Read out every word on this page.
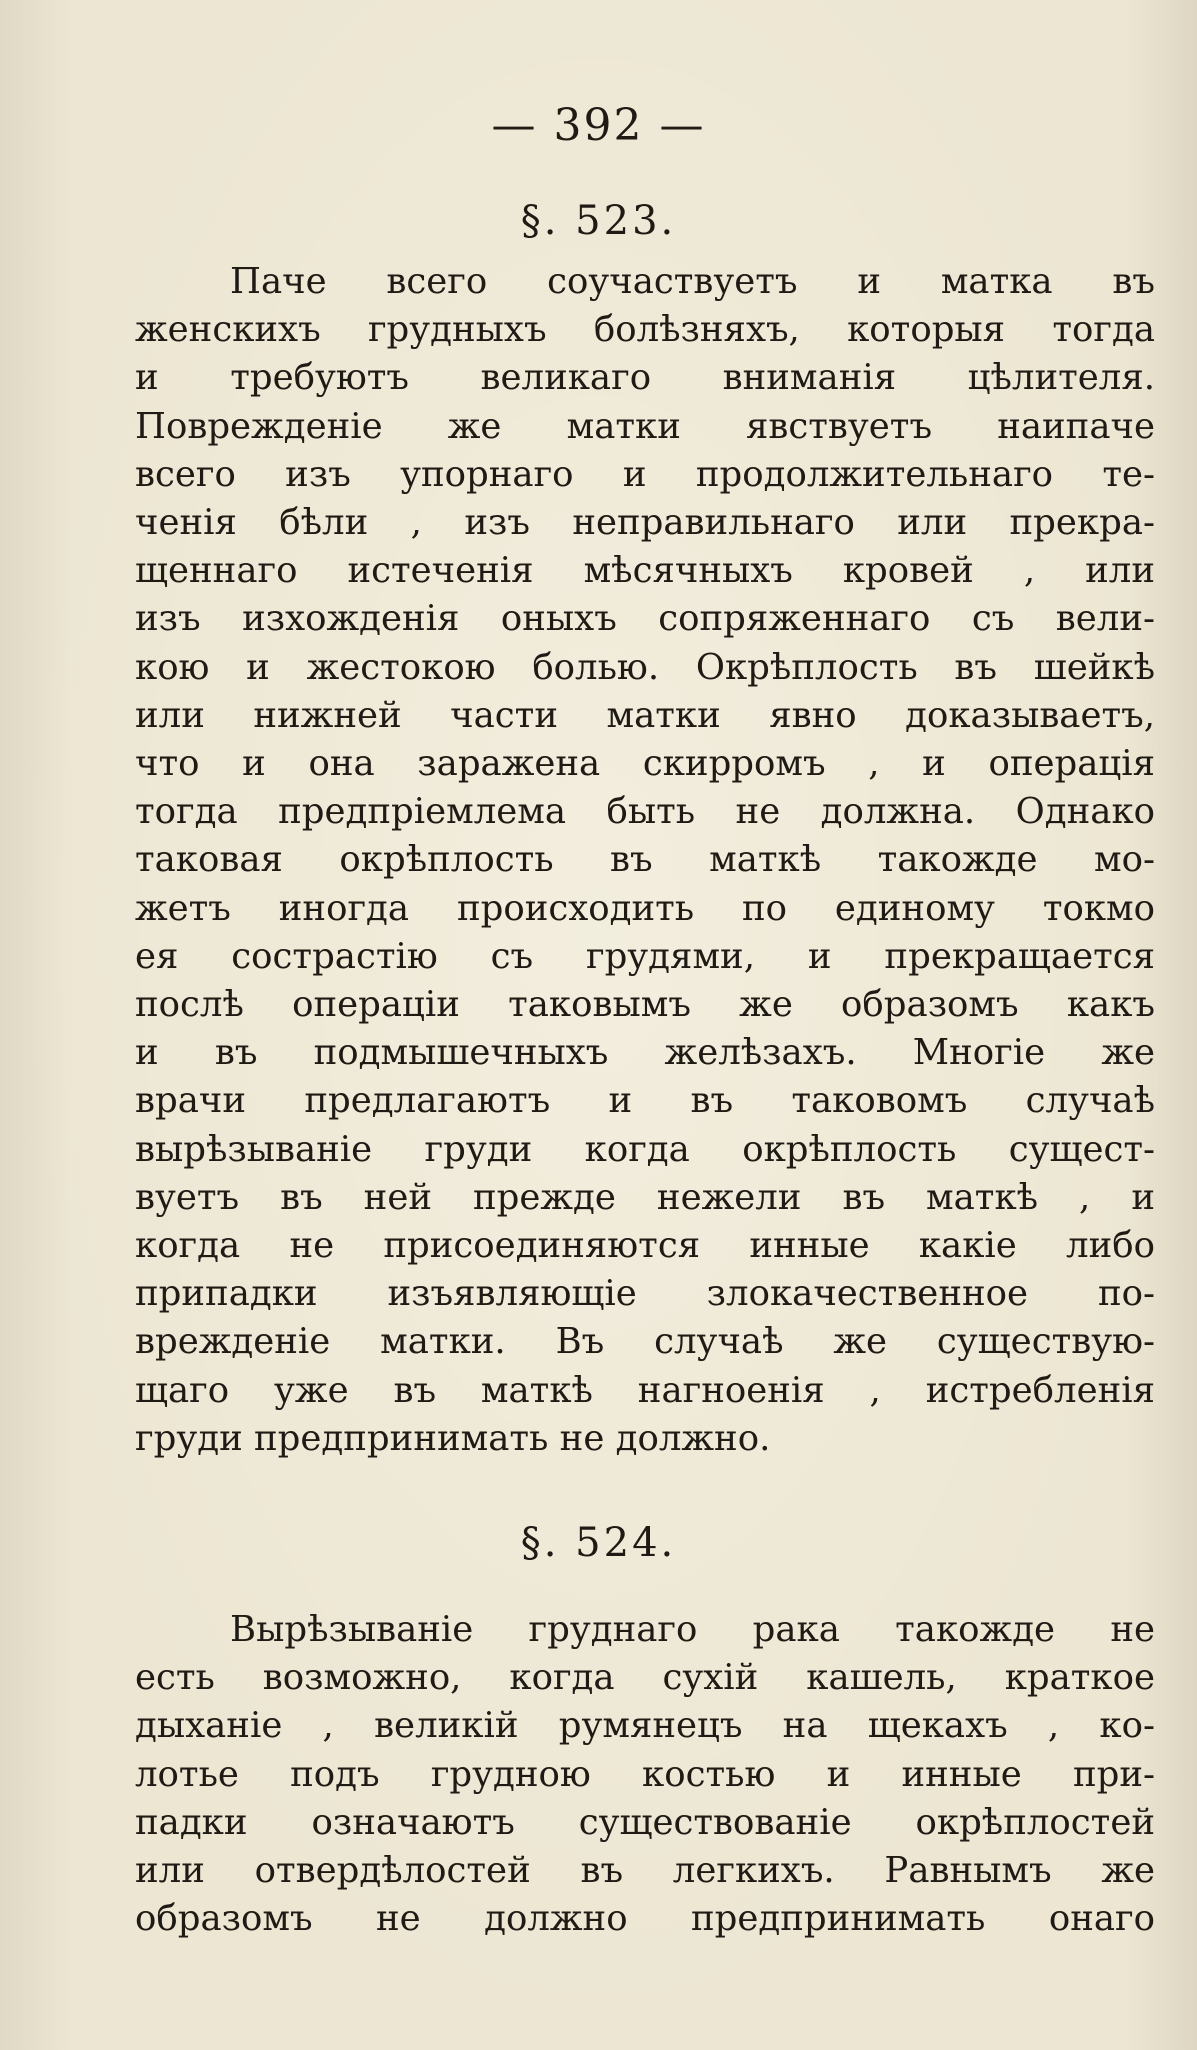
— 392 —
§. 523.

Паче всего соучаствуетъ и матка въ
женскихъ грудныхъ болѣзняхъ, которыя тогда
и требуютъ великаго вниманія цѣлителя.
Поврежденіе же матки явствуетъ наипаче
всего изъ упорнаго и продолжительнаго те-
ченія бѣли , изъ неправильнаго или прекра-
щеннаго истеченія мѣсячныхъ кровей , или
изъ изхожденія оныхъ сопряженнаго съ вели-
кою и жестокою болью. Окрѣплость въ шейкѣ
или нижней части матки явно доказываетъ,
что и она заражена скирромъ , и операція
тогда предпріемлема быть не должна. Однако
таковая окрѣплость въ маткѣ такожде мо-
жетъ иногда происходить по единому токмо
ея сострастію съ грудями, и прекращается
послѣ операціи таковымъ же образомъ какъ
и въ подмышечныхъ желѣзахъ. Многіе же
врачи предлагаютъ и въ таковомъ случаѣ
вырѣзываніе груди когда окрѣплость сущест-
вуетъ въ ней прежде нежели въ маткѣ , и
когда не присоединяются инные какіе либо
припадки изъявляющіе злокачественное по-
врежденіе матки. Въ случаѣ же существую-
щаго уже въ маткѣ нагноенія , истребленія
груди предпринимать не должно.

§. 524.

Вырѣзываніе груднаго рака такожде не
есть возможно, когда сухій кашель, краткое
дыханіе , великій румянецъ на щекахъ , ко-
лотье подъ грудною костью и инные при-
падки означаютъ существованіе окрѣплостей
или отвердѣлостей въ легкихъ. Равнымъ же
образомъ не должно предпринимать онаго
